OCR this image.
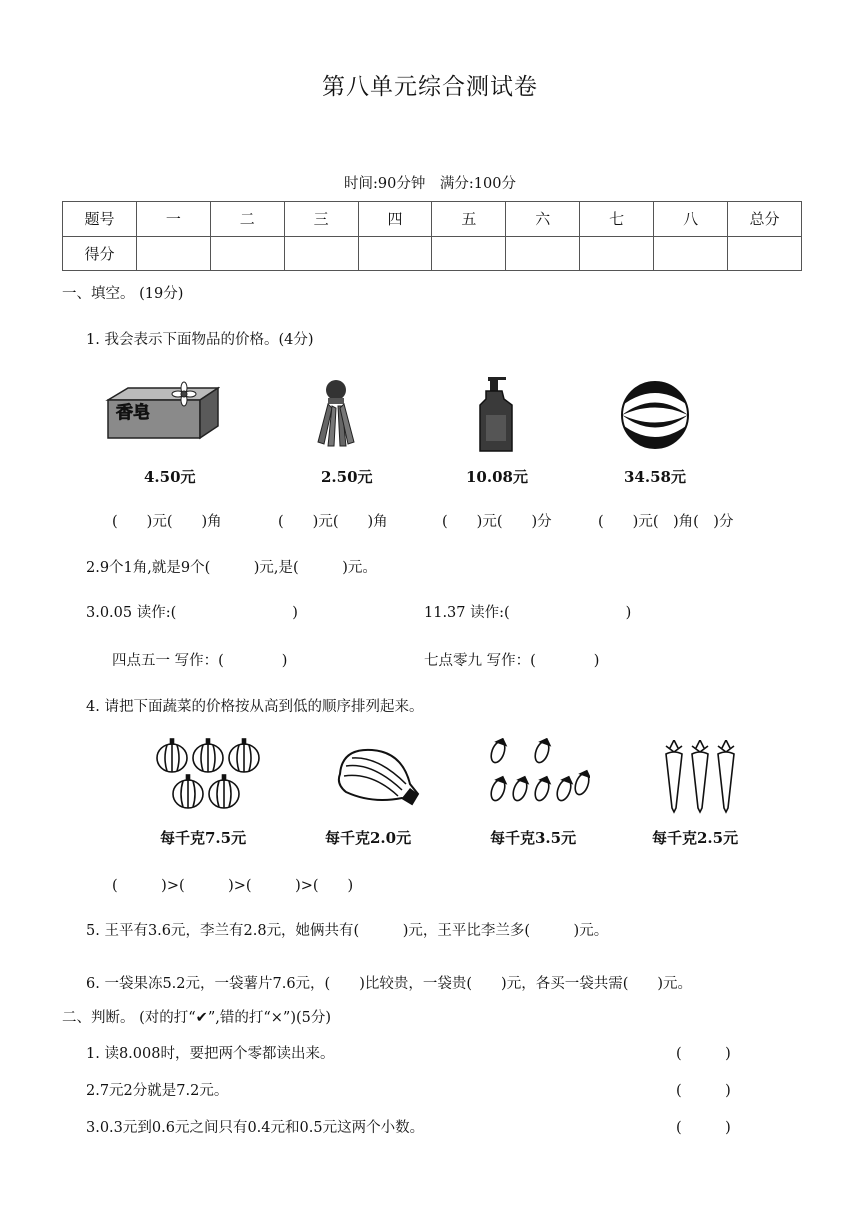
第八单元综合测试卷
时间:90分钟　满分:100分
题号	一	二	三	四	五	六	七	八	总分
得分									
一、填空。 (19分)
1. 我会表示下面物品的价格。(4分)
香皂
4.50元	2.50元	10.08元	34.58元
(　　)元(　　)角	(　　)元(　　)角	(　　)元(　　)分	(　　)元(　)角(　)分
2.9个1角,就是9个(　　　)元,是(　　　)元。
3.0.05 读作:(　　　　　　　　)	11.37 读作:(　　　　　　　　)
四点五一 写作：(　　　　)	七点零九 写作：(　　　　)
4. 请把下面蔬菜的价格按从高到低的顺序排列起来。
每千克7.5元	每千克2.0元	每千克3.5元	每千克2.5元
(　　　)>(　　　)>(　　　)>(　　)
5. 王平有3.6元，李兰有2.8元，她俩共有(　　　)元，王平比李兰多(　　　)元。
6. 一袋果冻5.2元，一袋薯片7.6元，(　　)比较贵，一袋贵(　　)元，各买一袋共需(　　)元。
二、判断。 (对的打“✔”,错的打“×”)(5分)
1. 读8.008时，要把两个零都读出来。	(　　　)
2.7元2分就是7.2元。	(　　　)
3.0.3元到0.6元之间只有0.4元和0.5元这两个小数。	(　　　)
